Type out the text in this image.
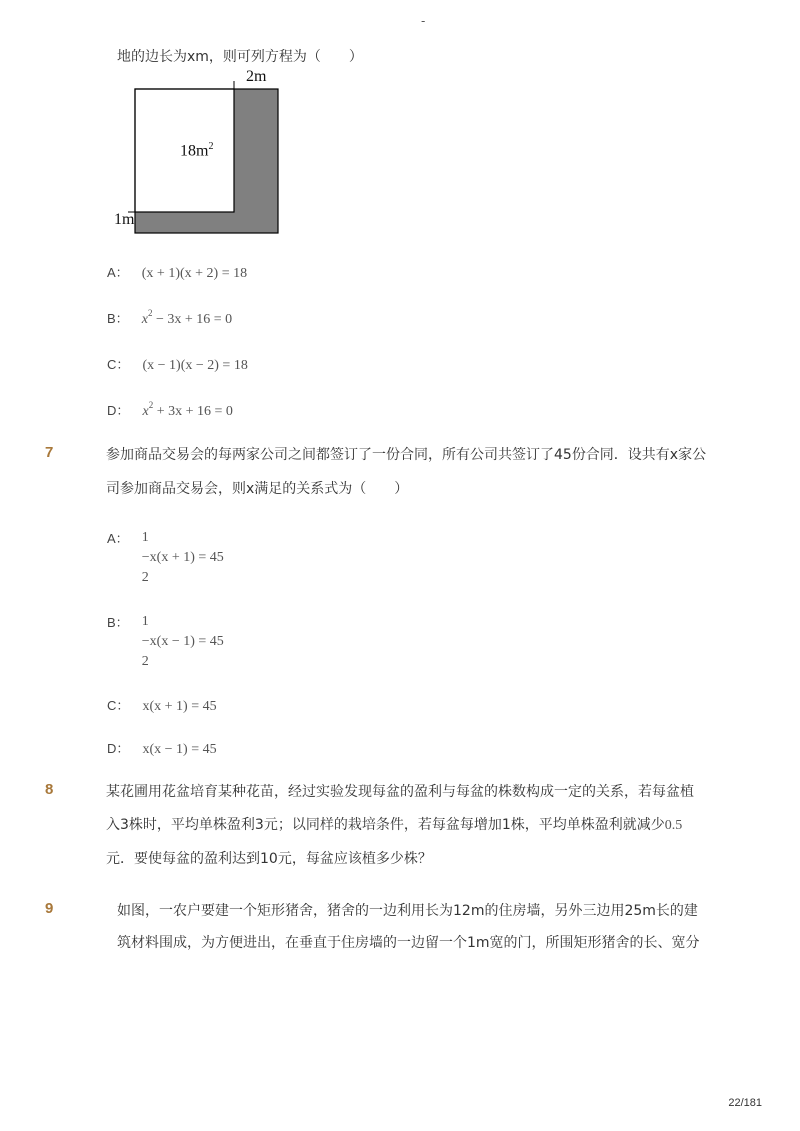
-
地的边长为xm，则可列方程为（　　）
$18m^2$
2m
1m
A： (x + 1)(x + 2) = 18
B： $x^2 - 3x + 16 = 0$
C： (x − 1)(x − 2) = 18
D： $x^2 + 3x + 16 = 0$
7	参加商品交易会的每两家公司之间都签订了一份合同，所有公司共签订了45份合同．设共有x家公
司参加商品交易会，则x满足的关系式为（　　）
$^{A:}$ 1
−x(x + 1) = 45
2
$^{B:}$ 1
−x(x − 1) = 45
2
C： x(x + 1) = 45
D： x(x − 1) = 45
8	某花圃用花盆培育某种花苗，经过实验发现每盆的盈利与每盆的株数构成一定的关系，若每盆植
入3株时，平均单株盈利3元；以同样的栽培条件，若每盆每增加1株，平均单株盈利就减少0.5
元．要使每盆的盈利达到10元，每盆应该植多少株？
9	如图，一农户要建一个矩形猪舍，猪舍的一边利用长为12m的住房墙，另外三边用25m长的建
筑材料围成，为方便进出，在垂直于住房墙的一边留一个1m宽的门，所围矩形猪舍的长、宽分
22/181
